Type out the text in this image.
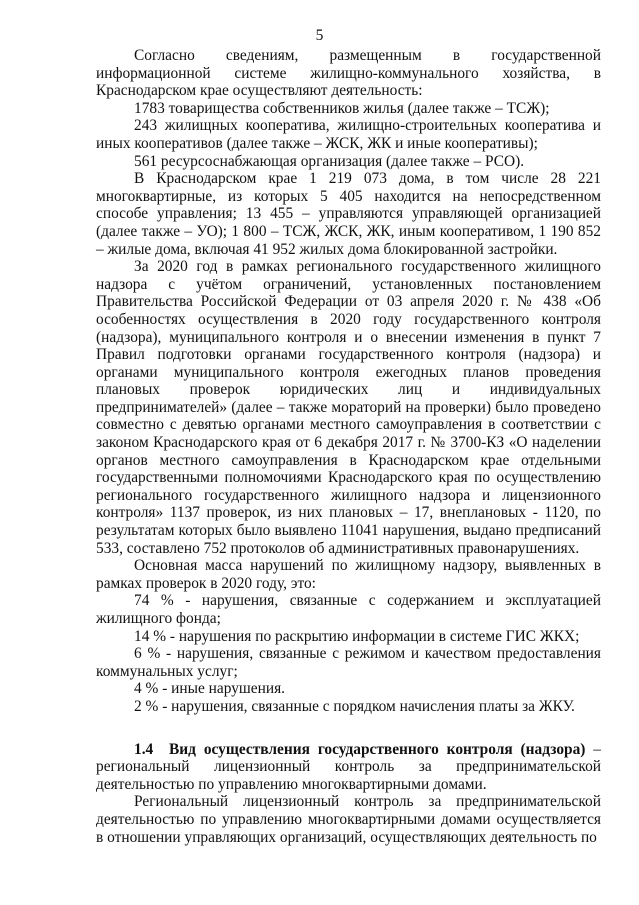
5

Согласно сведениям, размещенным в государственной информационной системе жилищно-коммунального хозяйства, в Краснодарском крае осуществляют деятельность:

1783 товарищества собственников жилья (далее также – ТСЖ);

243 жилищных кооператива, жилищно-строительных кооператива и иных кооперативов (далее также – ЖСК, ЖК и иные кооперативы);

561 ресурсоснабжающая организация (далее также – РСО).

В Краснодарском крае 1 219 073 дома, в том числе 28 221 многоквартирные, из которых 5 405 находится на непосредственном способе управления; 13 455 – управляются управляющей организацией (далее также – УО); 1 800 – ТСЖ, ЖСК, ЖК, иным кооперативом, 1 190 852 – жилые дома, включая 41 952 жилых дома блокированной застройки.

За 2020 год в рамках регионального государственного жилищного надзора с учётом ограничений, установленных постановлением Правительства Российской Федерации от 03 апреля 2020 г. № 438 «Об особенностях осуществления в 2020 году государственного контроля (надзора), муниципального контроля и о внесении изменения в пункт 7 Правил подготовки органами государственного контроля (надзора) и органами муниципального контроля ежегодных планов проведения плановых проверок юридических лиц и индивидуальных предпринимателей» (далее – также мораторий на проверки) было проведено совместно с девятью органами местного самоуправления в соответствии с законом Краснодарского края от 6 декабря 2017 г. № 3700-КЗ «О наделении органов местного самоуправления в Краснодарском крае отдельными государственными полномочиями Краснодарского края по осуществлению регионального государственного жилищного надзора и лицензионного контроля» 1137 проверок, из них плановых – 17, внеплановых - 1120, по результатам которых было выявлено 11041 нарушения, выдано предписаний 533, составлено 752 протоколов об административных правонарушениях.

Основная масса нарушений по жилищному надзору, выявленных в рамках проверок в 2020 году, это:

74 % - нарушения, связанные с содержанием и эксплуатацией жилищного фонда;

14 % - нарушения по раскрытию информации в системе ГИС ЖКХ;

6 % - нарушения, связанные с режимом и качеством предоставления коммунальных услуг;

4 % - иные нарушения.

2 % - нарушения, связанные с порядком начисления платы за ЖКУ.

1.4 Вид осуществления государственного контроля (надзора) – региональный лицензионный контроль за предпринимательской деятельностью по управлению многоквартирными домами.

Региональный лицензионный контроль за предпринимательской деятельностью по управлению многоквартирными домами осуществляется в отношении управляющих организаций, осуществляющих деятельность по
